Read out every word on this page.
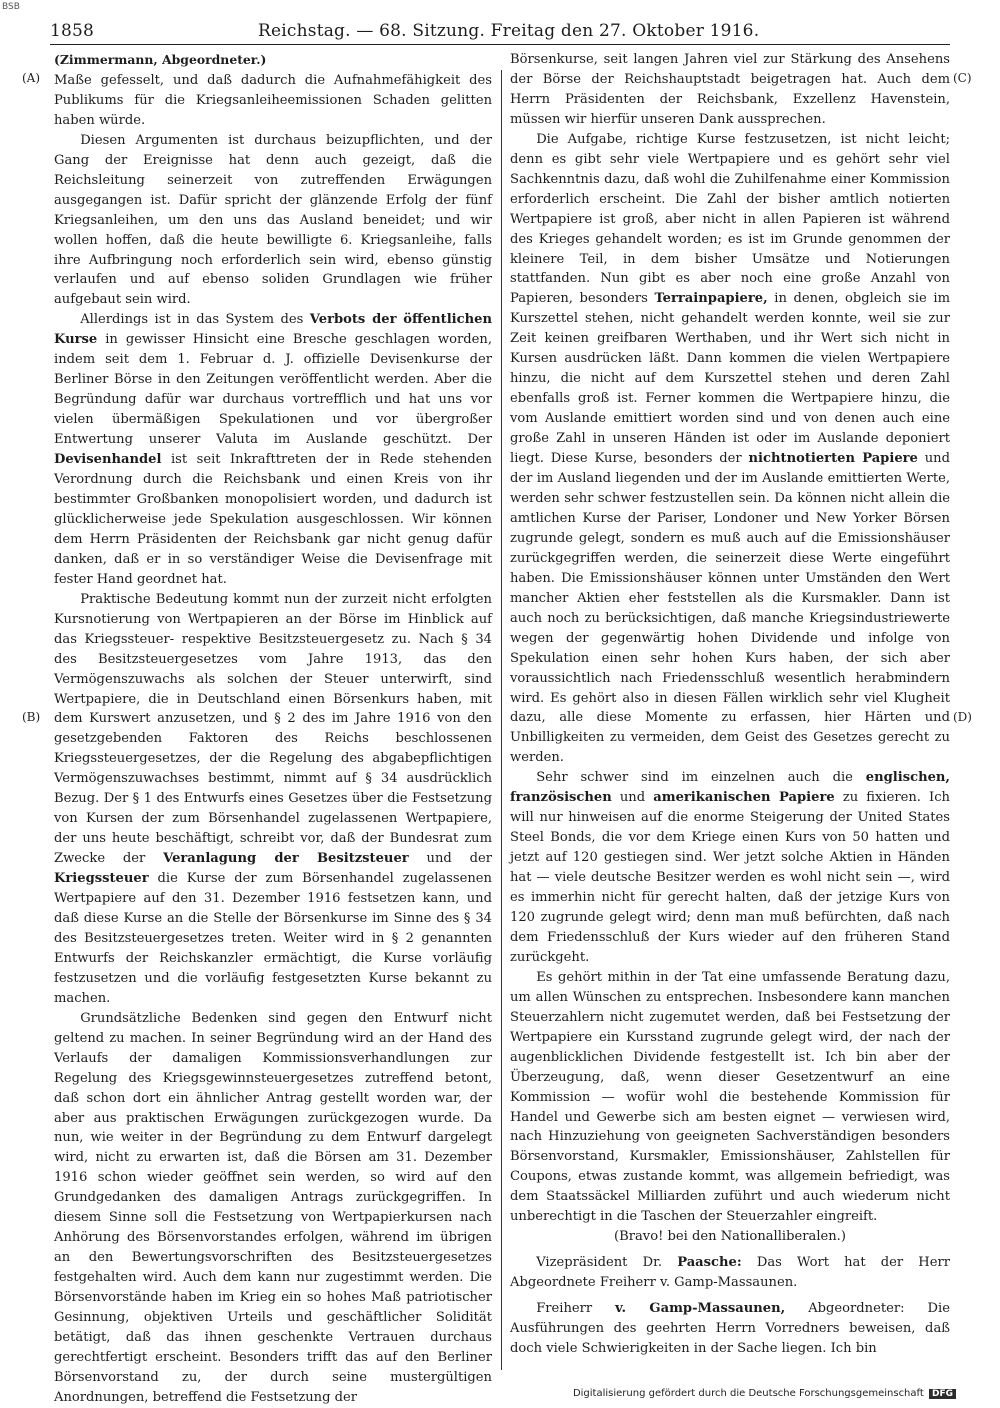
BSB
1858	Reichstag. — 68. Sitzung. Freitag den 27. Oktober 1916.
(A)
(B)
(C)
(D)

(Zimmermann, Abgeordneter.)

Maße gefesselt, und daß dadurch die Aufnahmefähigkeit des Publikums für die Kriegsanleiheemissionen Schaden gelitten haben würde.

Diesen Argumenten ist durchaus beizupflichten, und der Gang der Ereignisse hat denn auch gezeigt, daß die Reichsleitung seinerzeit von zutreffenden Erwägungen ausgegangen ist. Dafür spricht der glänzende Erfolg der fünf Kriegsanleihen, um den uns das Ausland beneidet; und wir wollen hoffen, daß die heute bewilligte 6. Kriegsanleihe, falls ihre Aufbringung noch erforderlich sein wird, ebenso günstig verlaufen und auf ebenso soliden Grundlagen wie früher aufgebaut sein wird.

Allerdings ist in das System des Verbots der öffentlichen Kurse in gewisser Hinsicht eine Bresche geschlagen worden, indem seit dem 1. Februar d. J. offizielle Devisenkurse der Berliner Börse in den Zeitungen veröffentlicht werden. Aber die Begründung dafür war durchaus vortrefflich und hat uns vor vielen übermäßigen Spekulationen und vor übergroßer Entwertung unserer Valuta im Auslande geschützt. Der Devisenhandel ist seit Inkrafttreten der in Rede stehenden Verordnung durch die Reichsbank und einen Kreis von ihr bestimmter Großbanken monopolisiert worden, und dadurch ist glücklicherweise jede Spekulation ausgeschlossen. Wir können dem Herrn Präsidenten der Reichsbank gar nicht genug dafür danken, daß er in so verständiger Weise die Devisenfrage mit fester Hand geordnet hat.

Praktische Bedeutung kommt nun der zurzeit nicht erfolgten Kursnotierung von Wertpapieren an der Börse im Hinblick auf das Kriegssteuer- respektive Besitzsteuergesetz zu. Nach § 34 des Besitzsteuergesetzes vom Jahre 1913, das den Vermögenszuwachs als solchen der Steuer unterwirft, sind Wertpapiere, die in Deutschland einen Börsenkurs haben, mit dem Kurswert anzusetzen, und § 2 des im Jahre 1916 von den gesetzgebenden Faktoren des Reichs beschlossenen Kriegssteuergesetzes, der die Regelung des abgabepflichtigen Vermögenszuwachses bestimmt, nimmt auf § 34 ausdrücklich Bezug. Der § 1 des Entwurfs eines Gesetzes über die Festsetzung von Kursen der zum Börsenhandel zugelassenen Wertpapiere, der uns heute beschäftigt, schreibt vor, daß der Bundesrat zum Zwecke der Veranlagung der Besitzsteuer und der Kriegssteuer die Kurse der zum Börsenhandel zugelassenen Wertpapiere auf den 31. Dezember 1916 festsetzen kann, und daß diese Kurse an die Stelle der Börsenkurse im Sinne des § 34 des Besitzsteuergesetzes treten. Weiter wird in § 2 genannten Entwurfs der Reichskanzler ermächtigt, die Kurse vorläufig festzusetzen und die vorläufig festgesetzten Kurse bekannt zu machen.

Grundsätzliche Bedenken sind gegen den Entwurf nicht geltend zu machen. In seiner Begründung wird an der Hand des Verlaufs der damaligen Kommissionsverhandlungen zur Regelung des Kriegsgewinnsteuergesetzes zutreffend betont, daß schon dort ein ähnlicher Antrag gestellt worden war, der aber aus praktischen Erwägungen zurückgezogen wurde. Da nun, wie weiter in der Begründung zu dem Entwurf dargelegt wird, nicht zu erwarten ist, daß die Börsen am 31. Dezember 1916 schon wieder geöffnet sein werden, so wird auf den Grundgedanken des damaligen Antrags zurückgegriffen. In diesem Sinne soll die Festsetzung von Wertpapierkursen nach Anhörung des Börsenvorstandes erfolgen, während im übrigen an den Bewertungsvorschriften des Besitzsteuergesetzes festgehalten wird. Auch dem kann nur zugestimmt werden. Die Börsenvorstände haben im Krieg ein so hohes Maß patriotischer Gesinnung, objektiven Urteils und geschäftlicher Solidität betätigt, daß das ihnen geschenkte Vertrauen durchaus gerechtfertigt erscheint. Besonders trifft das auf den Berliner Börsenvorstand zu, der durch seine mustergültigen Anordnungen, betreffend die Festsetzung der

Börsenkurse, seit langen Jahren viel zur Stärkung des Ansehens der Börse der Reichshauptstadt beigetragen hat. Auch dem Herrn Präsidenten der Reichsbank, Exzellenz Havenstein, müssen wir hierfür unseren Dank aussprechen.

Die Aufgabe, richtige Kurse festzusetzen, ist nicht leicht; denn es gibt sehr viele Wertpapiere und es gehört sehr viel Sachkenntnis dazu, daß wohl die Zuhilfenahme einer Kommission erforderlich erscheint. Die Zahl der bisher amtlich notierten Wertpapiere ist groß, aber nicht in allen Papieren ist während des Krieges gehandelt worden; es ist im Grunde genommen der kleinere Teil, in dem bisher Umsätze und Notierungen stattfanden. Nun gibt es aber noch eine große Anzahl von Papieren, besonders Terrainpapiere, in denen, obgleich sie im Kurszettel stehen, nicht gehandelt werden konnte, weil sie zur Zeit keinen greifbaren Werthaben, und ihr Wert sich nicht in Kursen ausdrücken läßt. Dann kommen die vielen Wertpapiere hinzu, die nicht auf dem Kurszettel stehen und deren Zahl ebenfalls groß ist. Ferner kommen die Wertpapiere hinzu, die vom Auslande emittiert worden sind und von denen auch eine große Zahl in unseren Händen ist oder im Auslande deponiert liegt. Diese Kurse, besonders der nichtnotierten Papiere und der im Ausland liegenden und der im Auslande emittierten Werte, werden sehr schwer festzustellen sein. Da können nicht allein die amtlichen Kurse der Pariser, Londoner und New Yorker Börsen zugrunde gelegt, sondern es muß auch auf die Emissionshäuser zurückgegriffen werden, die seinerzeit diese Werte eingeführt haben. Die Emissionshäuser können unter Umständen den Wert mancher Aktien eher feststellen als die Kursmakler. Dann ist auch noch zu berücksichtigen, daß manche Kriegsindustriewerte wegen der gegenwärtig hohen Dividende und infolge von Spekulation einen sehr hohen Kurs haben, der sich aber voraussichtlich nach Friedensschluß wesentlich herabmindern wird. Es gehört also in diesen Fällen wirklich sehr viel Klugheit dazu, alle diese Momente zu erfassen, hier Härten und Unbilligkeiten zu vermeiden, dem Geist des Gesetzes gerecht zu werden.

Sehr schwer sind im einzelnen auch die englischen, französischen und amerikanischen Papiere zu fixieren. Ich will nur hinweisen auf die enorme Steigerung der United States Steel Bonds, die vor dem Kriege einen Kurs von 50 hatten und jetzt auf 120 gestiegen sind. Wer jetzt solche Aktien in Händen hat — viele deutsche Besitzer werden es wohl nicht sein —, wird es immerhin nicht für gerecht halten, daß der jetzige Kurs von 120 zugrunde gelegt wird; denn man muß befürchten, daß nach dem Friedensschluß der Kurs wieder auf den früheren Stand zurückgeht.

Es gehört mithin in der Tat eine umfassende Beratung dazu, um allen Wünschen zu entsprechen. Insbesondere kann manchen Steuerzahlern nicht zugemutet werden, daß bei Festsetzung der Wertpapiere ein Kursstand zugrunde gelegt wird, der nach der augenblicklichen Dividende festgestellt ist. Ich bin aber der Überzeugung, daß, wenn dieser Gesetzentwurf an eine Kommission — wofür wohl die bestehende Kommission für Handel und Gewerbe sich am besten eignet — verwiesen wird, nach Hinzuziehung von geeigneten Sachverständigen besonders Börsenvorstand, Kursmakler, Emissionshäuser, Zahlstellen für Coupons, etwas zustande kommt, was allgemein befriedigt, was dem Staatssäckel Milliarden zuführt und auch wiederum nicht unberechtigt in die Taschen der Steuerzahler eingreift.

(Bravo! bei den Nationalliberalen.)

Vizepräsident Dr. Paasche: Das Wort hat der Herr Abgeordnete Freiherr v. Gamp-Massaunen.

Freiherr v. Gamp-Massaunen, Abgeordneter: Die Ausführungen des geehrten Herrn Vorredners beweisen, daß doch viele Schwierigkeiten in der Sache liegen. Ich bin

Digitalisierung gefördert durch die Deutsche Forschungsgemeinschaft DFG
